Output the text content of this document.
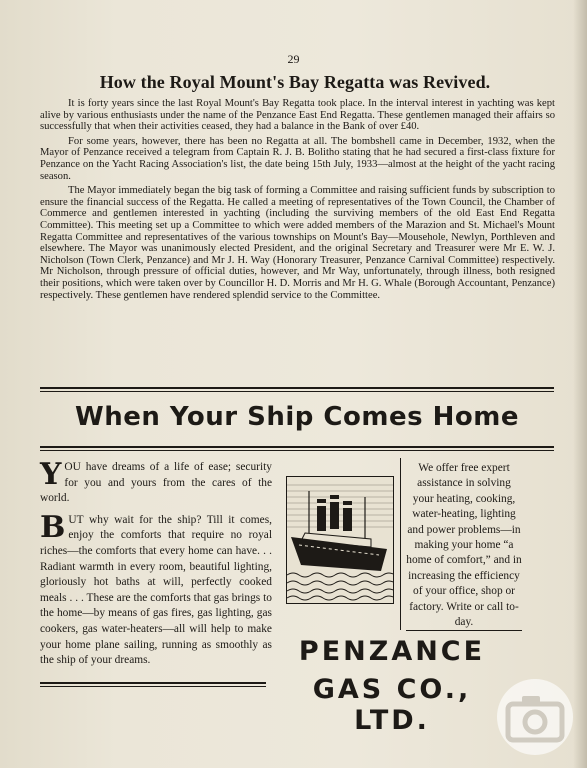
29
How the Royal Mount's Bay Regatta was Revived.

It is forty years since the last Royal Mount's Bay Regatta took place. In the interval interest in yachting was kept alive by various enthusiasts under the name of the Penzance East End Regatta. These gentlemen managed their affairs so successfully that when their activities ceased, they had a balance in the Bank of over £40.

For some years, however, there has been no Regatta at all. The bombshell came in December, 1932, when the Mayor of Penzance received a telegram from Captain R. J. B. Bolitho stating that he had secured a first-class fixture for Penzance on the Yacht Racing Association's list, the date being 15th July, 1933—almost at the height of the yacht racing season.

The Mayor immediately began the big task of forming a Committee and raising sufficient funds by subscription to ensure the financial success of the Regatta. He called a meeting of representatives of the Town Council, the Chamber of Commerce and gentlemen interested in yachting (including the surviving members of the old East End Regatta Committee). This meeting set up a Committee to which were added members of the Marazion and St. Michael's Mount Regatta Committee and representatives of the various townships on Mount's Bay—Mousehole, Newlyn, Porthleven and elsewhere. The Mayor was unanimously elected President, and the original Secretary and Treasurer were Mr E. W. J. Nicholson (Town Clerk, Penzance) and Mr J. H. Way (Honorary Treasurer, Penzance Carnival Committee) respectively. Mr Nicholson, through pressure of official duties, however, and Mr Way, unfortunately, through illness, both resigned their positions, which were taken over by Councillor H. D. Morris and Mr H. G. Whale (Borough Accountant, Penzance) respectively. These gentlemen have rendered splendid service to the Committee.

When Your Ship Comes Home

YOU have dreams of a life of ease; security for you and yours from the cares of the world.

BUT why wait for the ship? Till it comes, enjoy the comforts that require no royal riches—the comforts that every home can have. . . Radiant warmth in every room, beautiful lighting, gloriously hot baths at will, perfectly cooked meals . . . These are the comforts that gas brings to the home—by means of gas fires, gas lighting, gas cookers, gas water-heaters—all will help to make your home plane sailing, running as smoothly as the ship of your dreams.

We offer free expert assistance in solving your heating, cooking, water-heating, lighting and power problems—in making your home “a home of comfort,” and in increasing the efficiency of your office, shop or factory. Write or call to-day.
PENZANCE
GAS CO., LTD.
